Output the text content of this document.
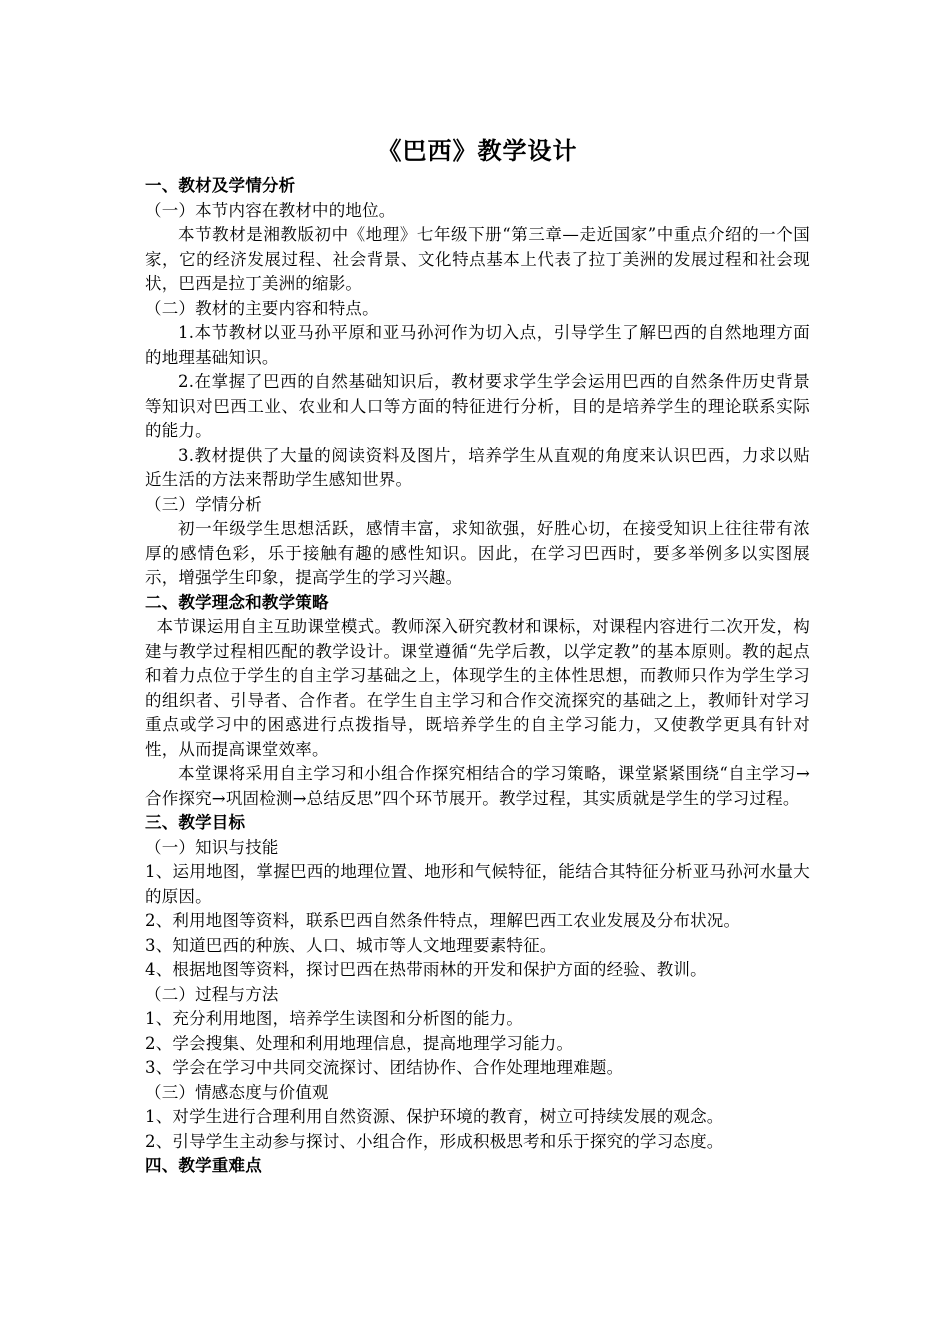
《巴西》教学设计
一、教材及学情分析
（一）本节内容在教材中的地位。
本节教材是湘教版初中《地理》七年级下册“第三章—走近国家”中重点介绍的一个国家，它的经济发展过程、社会背景、文化特点基本上代表了拉丁美洲的发展过程和社会现状，巴西是拉丁美洲的缩影。
（二）教材的主要内容和特点。
1.本节教材以亚马孙平原和亚马孙河作为切入点，引导学生了解巴西的自然地理方面的地理基础知识。
2.在掌握了巴西的自然基础知识后，教材要求学生学会运用巴西的自然条件历史背景等知识对巴西工业、农业和人口等方面的特征进行分析，目的是培养学生的理论联系实际的能力。
3.教材提供了大量的阅读资料及图片，培养学生从直观的角度来认识巴西，力求以贴近生活的方法来帮助学生感知世界。
（三）学情分析
初一年级学生思想活跃，感情丰富，求知欲强，好胜心切，在接受知识上往往带有浓厚的感情色彩，乐于接触有趣的感性知识。因此，在学习巴西时，要多举例多以实图展示，增强学生印象，提高学生的学习兴趣。
二、教学理念和教学策略
本节课运用自主互助课堂模式。教师深入研究教材和课标，对课程内容进行二次开发，构建与教学过程相匹配的教学设计。课堂遵循“先学后教，以学定教”的基本原则。教的起点和着力点位于学生的自主学习基础之上，体现学生的主体性思想，而教师只作为学生学习的组织者、引导者、合作者。在学生自主学习和合作交流探究的基础之上，教师针对学习重点或学习中的困惑进行点拨指导，既培养学生的自主学习能力，又使教学更具有针对性，从而提高课堂效率。
本堂课将采用自主学习和小组合作探究相结合的学习策略，课堂紧紧围绕“自主学习→合作探究→巩固检测→总结反思”四个环节展开。教学过程，其实质就是学生的学习过程。
三、教学目标
（一）知识与技能
1、运用地图，掌握巴西的地理位置、地形和气候特征，能结合其特征分析亚马孙河水量大的原因。
2、利用地图等资料，联系巴西自然条件特点，理解巴西工农业发展及分布状况。
3、知道巴西的种族、人口、城市等人文地理要素特征。
4、根据地图等资料，探讨巴西在热带雨林的开发和保护方面的经验、教训。
（二）过程与方法
1、充分利用地图，培养学生读图和分析图的能力。
2、学会搜集、处理和利用地理信息，提高地理学习能力。
3、学会在学习中共同交流探讨、团结协作、合作处理地理难题。
（三）情感态度与价值观
1、对学生进行合理利用自然资源、保护环境的教育，树立可持续发展的观念。
2、引导学生主动参与探讨、小组合作，形成积极思考和乐于探究的学习态度。
四、教学重难点
